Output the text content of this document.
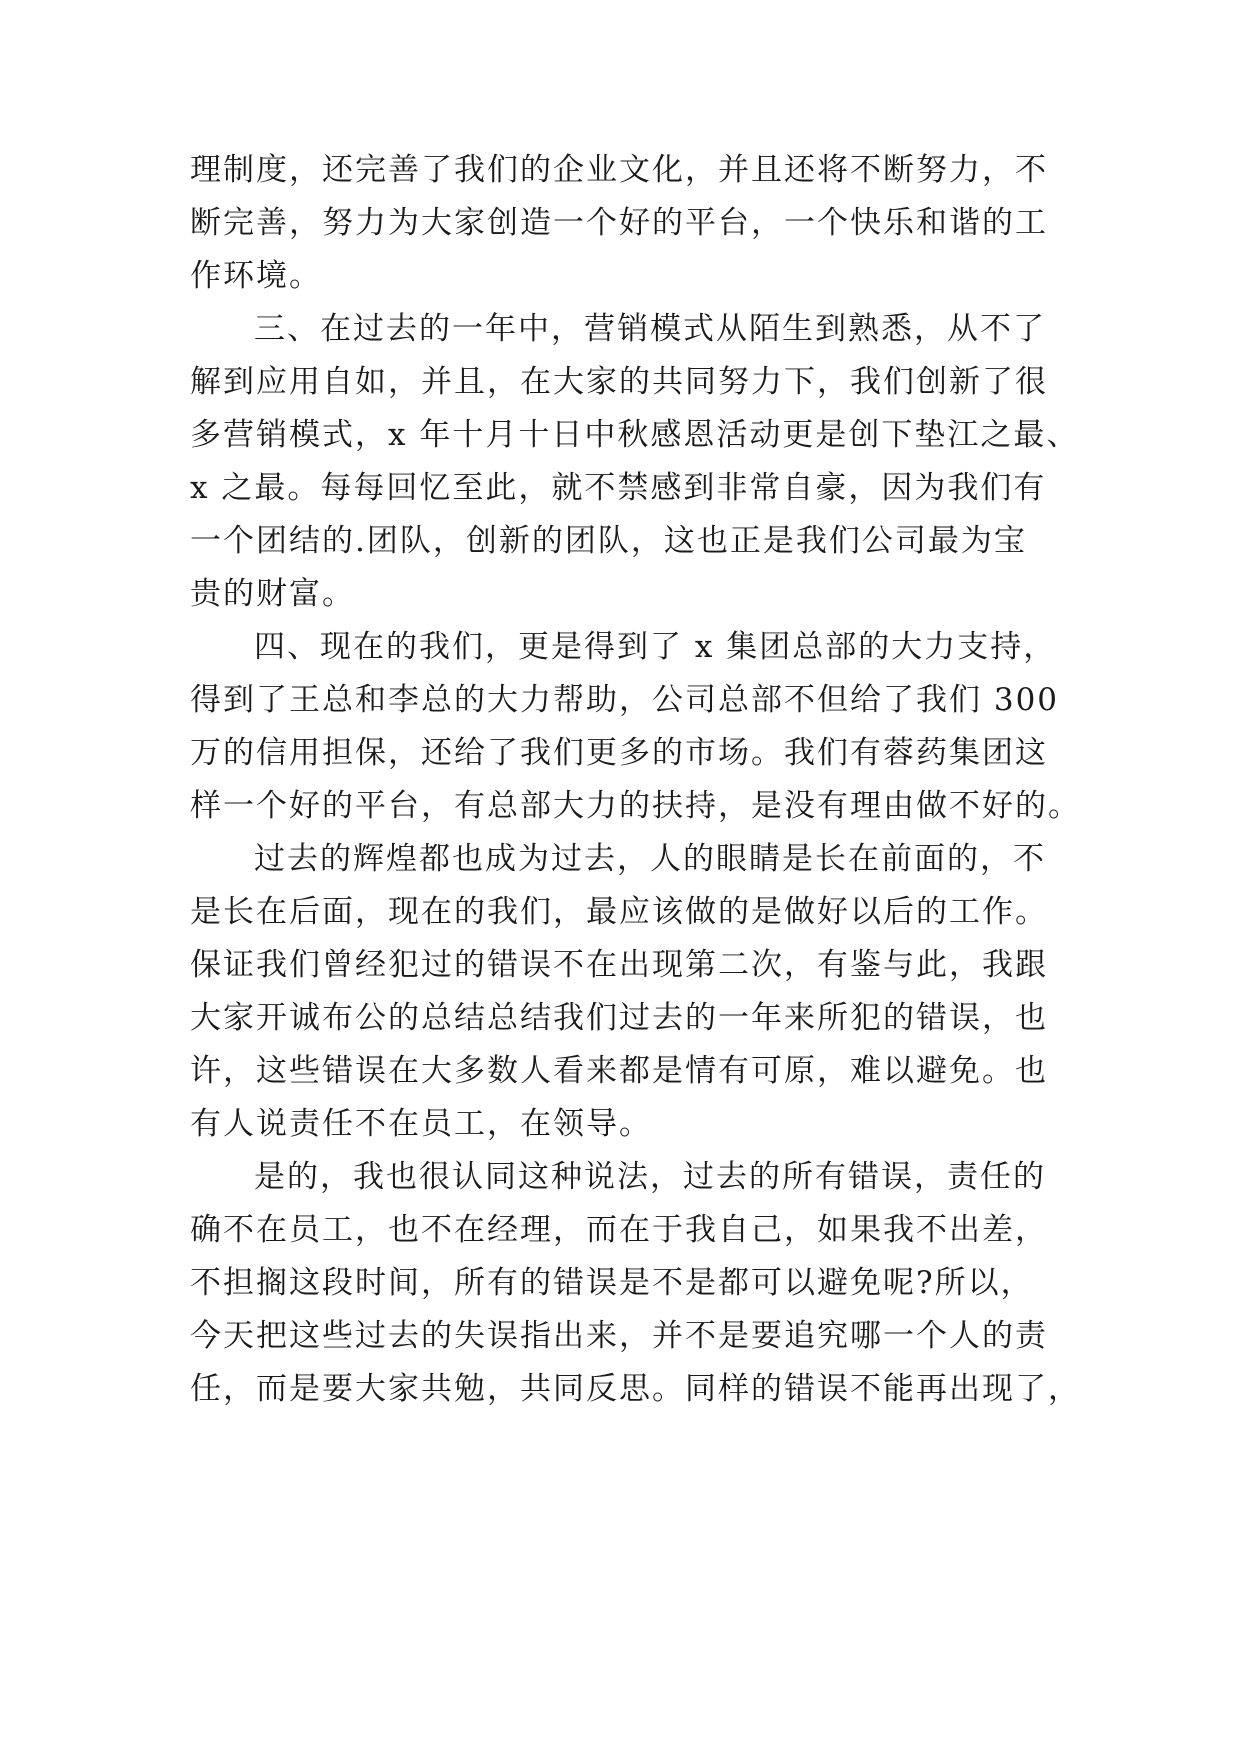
理制度，还完善了我们的企业文化，并且还将不断努力，不
断完善，努力为大家创造一个好的平台，一个快乐和谐的工
作环境。
三、在过去的一年中，营销模式从陌生到熟悉，从不了
解到应用自如，并且，在大家的共同努力下，我们创新了很
多营销模式，x 年十月十日中秋感恩活动更是创下垫江之最、
x 之最。每每回忆至此，就不禁感到非常自豪，因为我们有
一个团结的.团队，创新的团队，这也正是我们公司最为宝
贵的财富。
四、现在的我们，更是得到了 x 集团总部的大力支持，
得到了王总和李总的大力帮助，公司总部不但给了我们 300
万的信用担保，还给了我们更多的市场。我们有蓉药集团这
样一个好的平台，有总部大力的扶持，是没有理由做不好的。
过去的辉煌都也成为过去，人的眼睛是长在前面的，不
是长在后面，现在的我们，最应该做的是做好以后的工作。
保证我们曾经犯过的错误不在出现第二次，有鉴与此，我跟
大家开诚布公的总结总结我们过去的一年来所犯的错误，也
许，这些错误在大多数人看来都是情有可原，难以避免。也
有人说责任不在员工，在领导。
是的，我也很认同这种说法，过去的所有错误，责任的
确不在员工，也不在经理，而在于我自己，如果我不出差，
不担搁这段时间，所有的错误是不是都可以避免呢?所以，
今天把这些过去的失误指出来，并不是要追究哪一个人的责
任，而是要大家共勉，共同反思。同样的错误不能再出现了，
